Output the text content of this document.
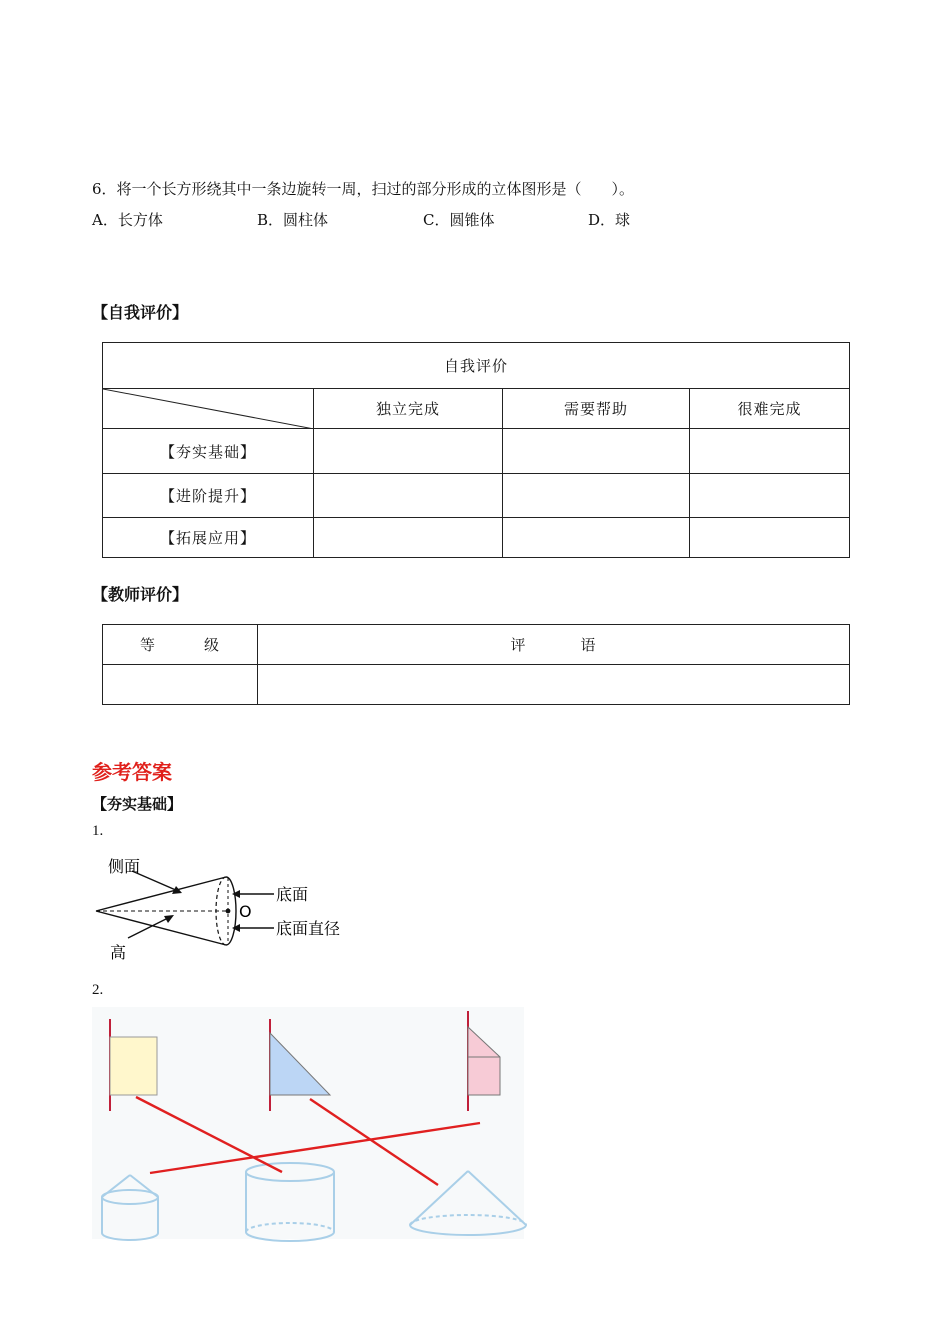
6．将一个长方形绕其中一条边旋转一周，扫过的部分形成的立体图形是（　　）。
A．长方体	B．圆柱体	C．圆锥体	D．球
【自我评价】
自我评价			

	独立完成	需要帮助	很难完成
【夯实基础】			
【进阶提升】			
【拓展应用】			
【教师评价】
等 级	评 语

参考答案
【夯实基础】
1.
侧面
O
底面
底面直径
高
2.
